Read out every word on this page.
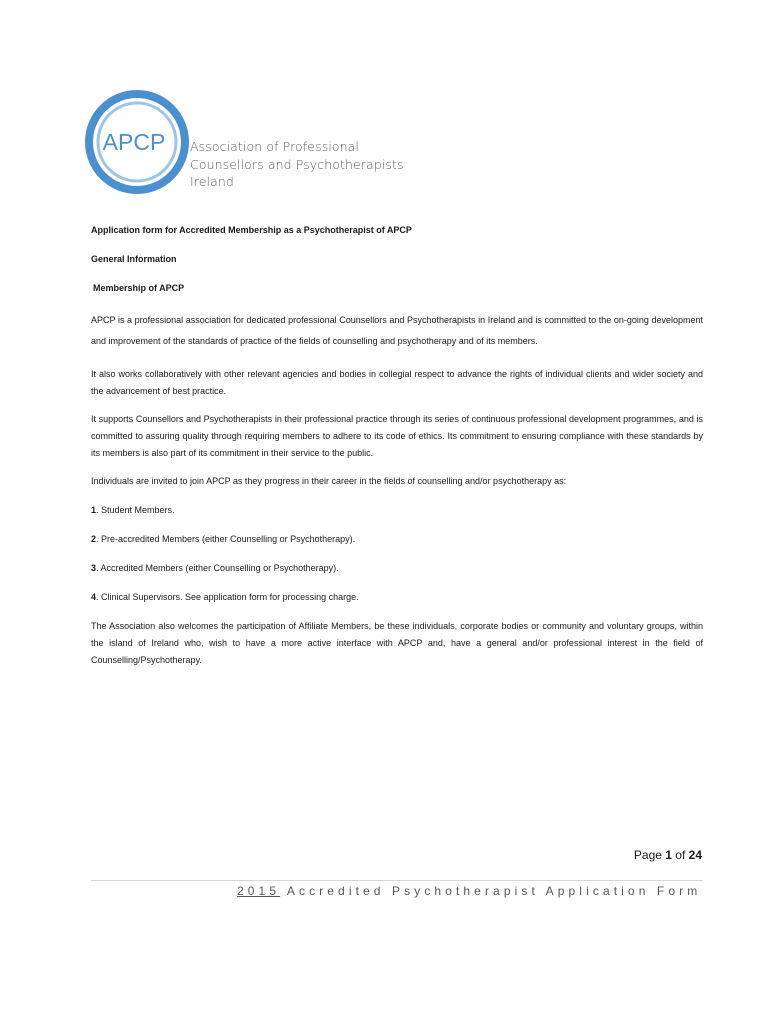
APCP Association of Professional
Counsellors and Psychotherapists
Ireland

Application form for Accredited Membership as a Psychotherapist of APCP

General Information

Membership of APCP

APCP is a professional association for dedicated professional Counsellors and Psychotherapists in Ireland and is committed to the on-going development and improvement of the standards of practice of the fields of counselling and psychotherapy and of its members.

It also works collaboratively with other relevant agencies and bodies in collegial respect to advance the rights of individual clients and wider society and the advancement of best practice.

It supports Counsellors and Psychotherapists in their professional practice through its series of continuous professional development programmes, and is committed to assuring quality through requiring members to adhere to its code of ethics. Its commitment to ensuring compliance with these standards by its members is also part of its commitment in their service to the public.

Individuals are invited to join APCP as they progress in their career in the fields of counselling and/or psychotherapy as:

1. Student Members.

2. Pre-accredited Members (either Counselling or Psychotherapy).

3. Accredited Members (either Counselling or Psychotherapy).

4. Clinical Supervisors. See application form for processing charge.

The Association also welcomes the participation of Affiliate Members, be these individuals, corporate bodies or community and voluntary groups, within the island of Ireland who, wish to have a more active interface with APCP and, have a general and/or professional interest in the field of Counselling/Psychotherapy.

Page 1 of 24
2015 Accredited Psychotherapist Application Form
